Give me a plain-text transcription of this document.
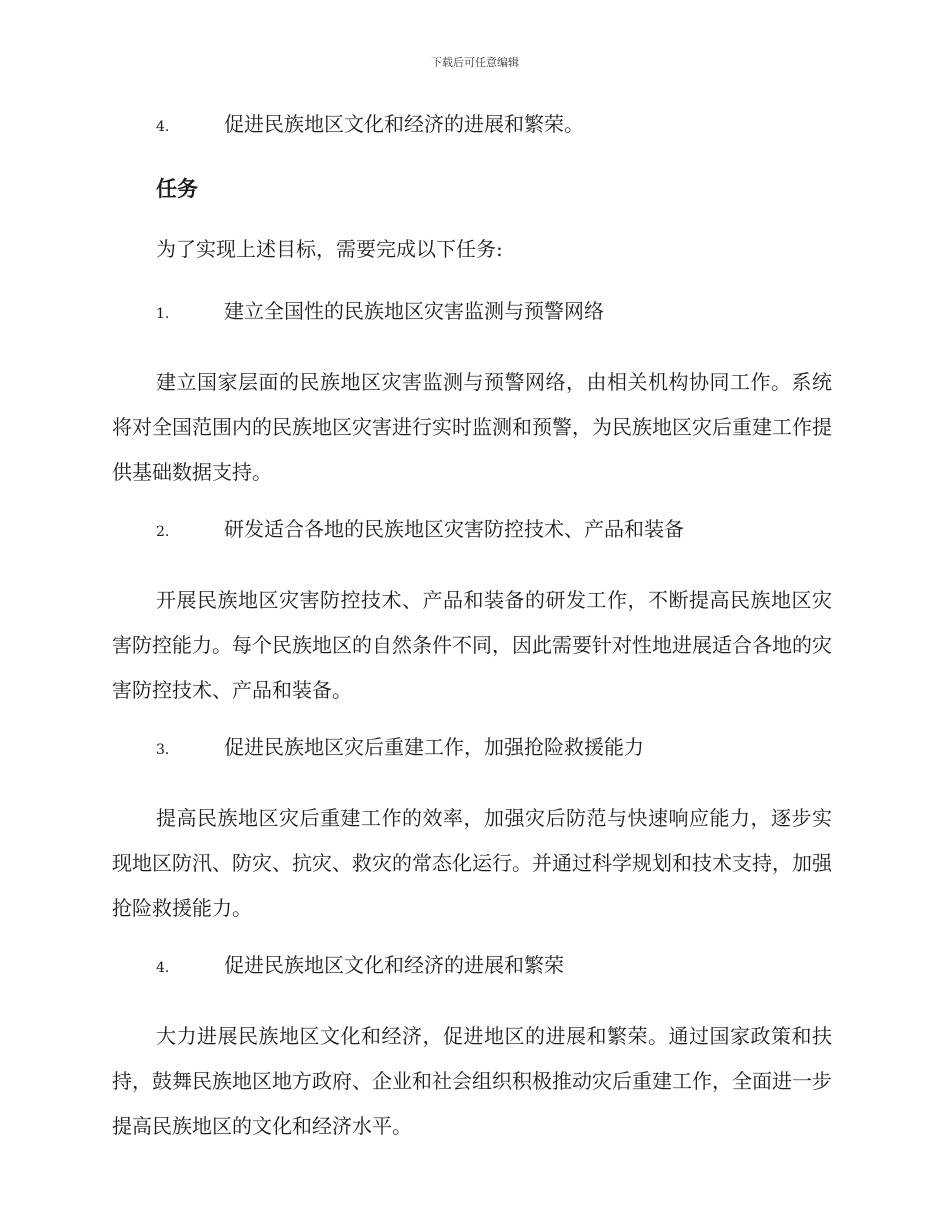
下载后可任意编辑
4.	促进民族地区文化和经济的进展和繁荣。
任务
为了实现上述目标，需要完成以下任务:
1.	建立全国性的民族地区灾害监测与预警网络

建立国家层面的民族地区灾害监测与预警网络，由相关机构协同工作。系统将对全国范围内的民族地区灾害进行实时监测和预警，为民族地区灾后重建工作提供基础数据支持。

2.	研发适合各地的民族地区灾害防控技术、产品和装备

开展民族地区灾害防控技术、产品和装备的研发工作，不断提高民族地区灾害防控能力。每个民族地区的自然条件不同，因此需要针对性地进展适合各地的灾害防控技术、产品和装备。

3.	促进民族地区灾后重建工作，加强抢险救援能力

提高民族地区灾后重建工作的效率，加强灾后防范与快速响应能力，逐步实现地区防汛、防灾、抗灾、救灾的常态化运行。并通过科学规划和技术支持，加强抢险救援能力。

4.	促进民族地区文化和经济的进展和繁荣

大力进展民族地区文化和经济，促进地区的进展和繁荣。通过国家政策和扶持，鼓舞民族地区地方政府、企业和社会组织积极推动灾后重建工作，全面进一步提高民族地区的文化和经济水平。
